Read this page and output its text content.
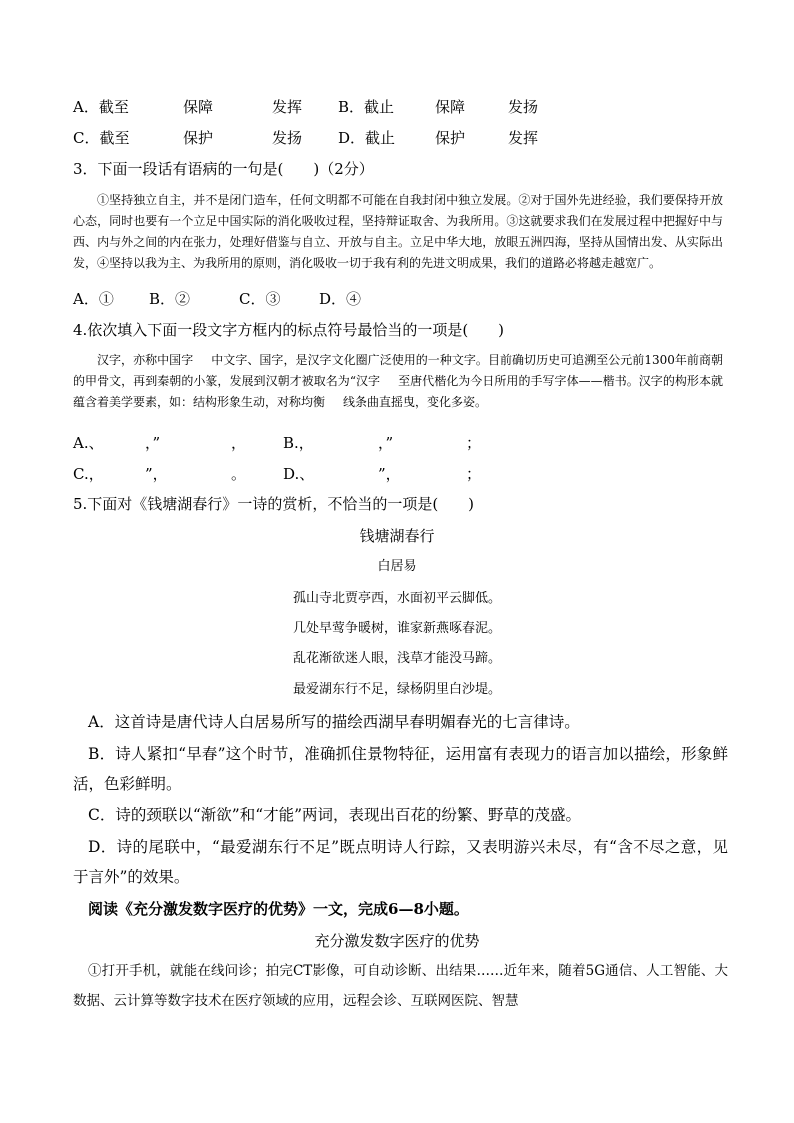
A．截至	保障	发挥 B．截止	保障	发扬
C．截至	保护	发扬 D．截止	保护	发挥
3．下面一段话有语病的一句是(　　)（2分）
①坚持独立自主，并不是闭门造车，任何文明都不可能在自我封闭中独立发展。②对于国外先进经验，我们要保持开放心态，同时也要有一个立足中国实际的消化吸收过程，坚持辩证取舍、为我所用。③这就要求我们在发展过程中把握好中与西、内与外之间的内在张力，处理好借鉴与自立、开放与自主。立足中华大地，放眼五洲四海，坚持从国情出发、从实际出发，④坚持以我为主、为我所用的原则，消化吸收一切于我有利的先进文明成果，我们的道路必将越走越宽广。
A．① B．②	C．③	D．④
4.依次填入下面一段文字方框内的标点符号最恰当的一项是(　　)
汉字，亦称中国字 中文字、国字，是汉字文化圈广泛使用的一种文字。目前确切历史可追溯至公元前1300年前商朝的甲骨文，再到秦朝的小篆，发展到汉朝才被取名为“汉字 至唐代楷化为今日所用的手写字体——楷书。汉字的构形本就蕴含着美学要素，如：结构形象生动，对称均衡 线条曲直摇曳，变化多姿。
A.、	，”	， B.，	，”	；
C.，	”，	。 D.、	”，	；
5.下面对《钱塘湖春行》一诗的赏析，不恰当的一项是(　　)
钱塘湖春行
白居易
孤山寺北贾亭西，水面初平云脚低。
几处早莺争暖树，谁家新燕啄春泥。
乱花渐欲迷人眼，浅草才能没马蹄。
最爱湖东行不足，绿杨阴里白沙堤。
A．这首诗是唐代诗人白居易所写的描绘西湖早春明媚春光的七言律诗。
B．诗人紧扣“早春”这个时节，准确抓住景物特征，运用富有表现力的语言加以描绘，形象鲜活，色彩鲜明。
C．诗的颈联以“渐欲”和“才能”两词，表现出百花的纷繁、野草的茂盛。
D．诗的尾联中，“最爱湖东行不足”既点明诗人行踪，又表明游兴未尽，有“含不尽之意，见于言外”的效果。
阅读《充分激发数字医疗的优势》一文，完成6—8小题。
充分激发数字医疗的优势
①打开手机，就能在线问诊；拍完CT影像，可自动诊断、出结果……近年来，随着5G通信、人工智能、大数据、云计算等数字技术在医疗领域的应用，远程会诊、互联网医院、智慧
